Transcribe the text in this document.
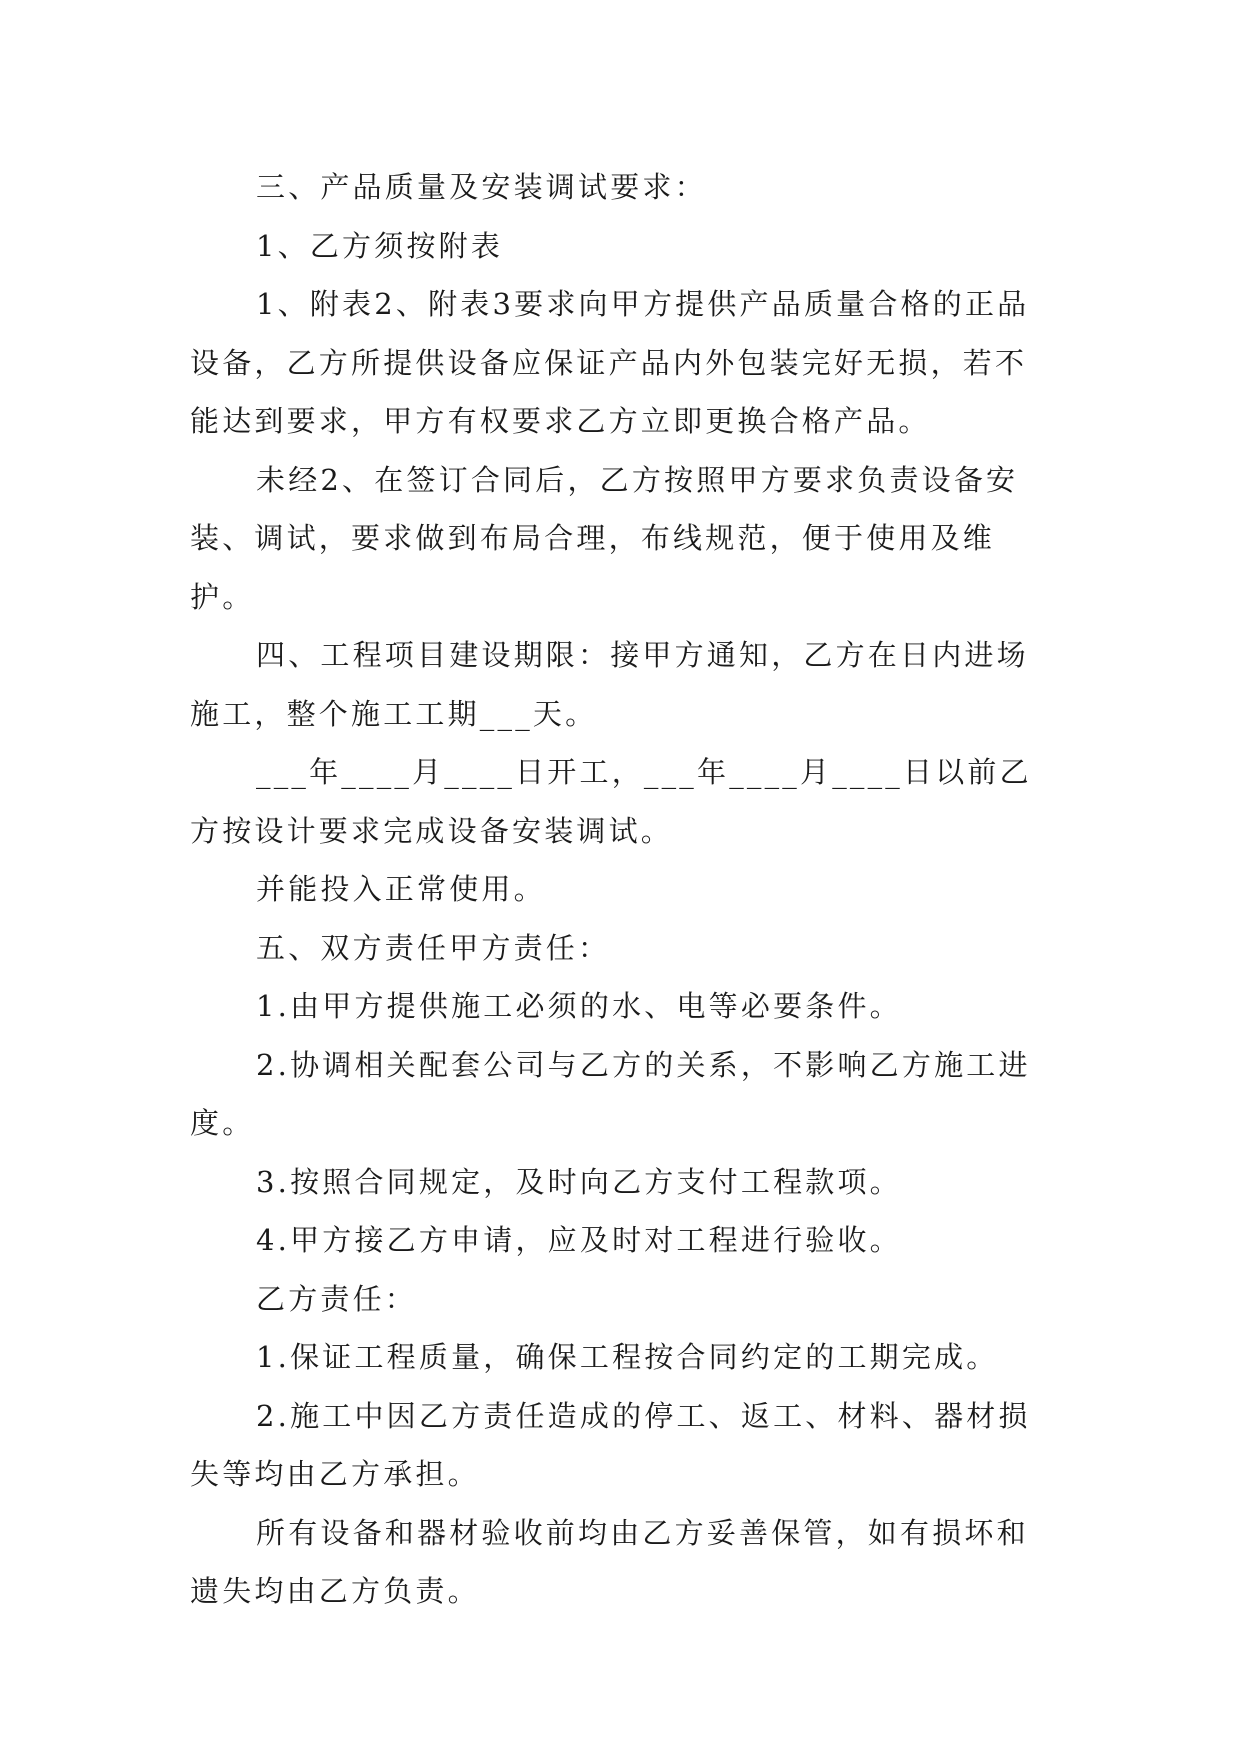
三、产品质量及安装调试要求：

1、乙方须按附表

1、附表2、附表3要求向甲方提供产品质量合格的正品设备，乙方所提供设备应保证产品内外包装完好无损，若不能达到要求，甲方有权要求乙方立即更换合格产品。

未经2、在签订合同后，乙方按照甲方要求负责设备安装、调试，要求做到布局合理，布线规范，便于使用及维护。

四、工程项目建设期限：接甲方通知，乙方在日内进场施工，整个施工工期___天。

___年____月____日开工，___年____月____日以前乙方按设计要求完成设备安装调试。

并能投入正常使用。

五、双方责任甲方责任：

1.由甲方提供施工必须的水、电等必要条件。

2.协调相关配套公司与乙方的关系，不影响乙方施工进度。

3.按照合同规定，及时向乙方支付工程款项。

4.甲方接乙方申请，应及时对工程进行验收。

乙方责任：

1.保证工程质量，确保工程按合同约定的工期完成。

2.施工中因乙方责任造成的停工、返工、材料、器材损失等均由乙方承担。

所有设备和器材验收前均由乙方妥善保管，如有损坏和遗失均由乙方负责。
